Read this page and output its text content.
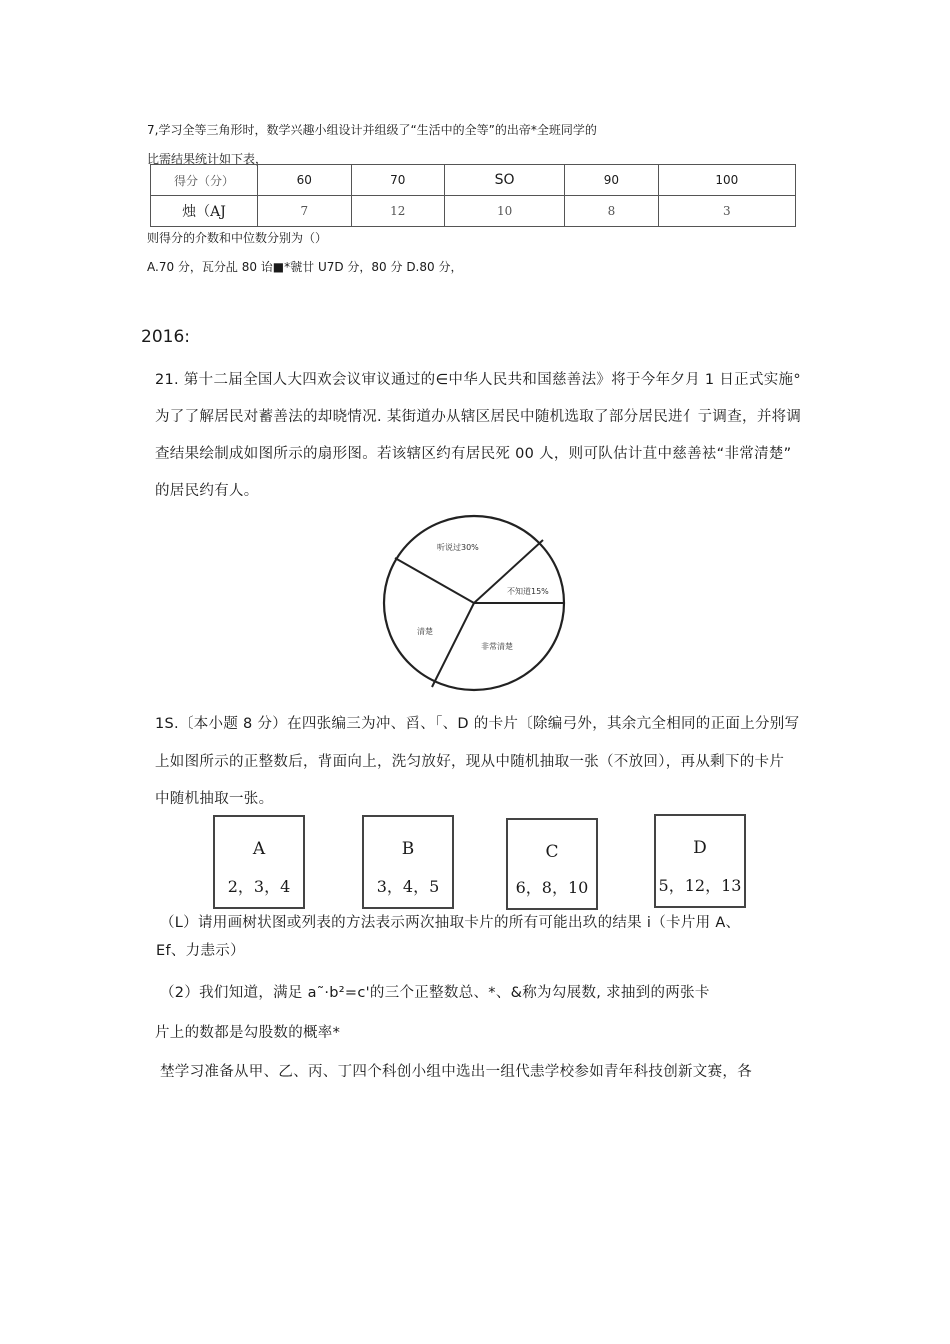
7,学习全等三角形时，数学兴趣小组设计并组级了“生活中的全等”的出帝*全班同学的
比需结果统计如下表，
得分（分）	60	70	SO	90	100
烛（AJ	7	12	10	8	3
则得分的介数和中位数分别为（）
A.70 分，瓦分乩 80 诒■*虢廿 U7D 分，80 分 D.80 分，
2016:
21. 第十二届全国人大四欢会议审议通过的∈中华人民共和国慈善法》将于今年夕月 1 日正式实施°
为了了解居民对蓄善法的却晓情况. 某街道办从辖区居民中随机选取了部分居民进亻亍调查，并将调
查结果绘制成如图所示的扇形图。若该辖区约有居民死 00 人，则可队估计苴中慈善袪“非常清楚”
的居民约有人。
听说过30%
不知道15%
非常清楚
清楚
1S.〔本小题 8 分）在四张编三为冲、舀、「、D 的卡片〔除编弓外，其余亢全相同的正面上分别写
上如图所示的正整数后，背面向上，洗匀放好，现从中随机抽取一张（不放回），再从剩下的卡片
中随机抽取一张。
A
2，3，4
B
3，4，5
C
6，8，10
D
5，12，13
（L）请用画树状图或列表的方法表示两次抽取卡片的所有可能出玖的结果 i（卡片用 A、
Ef、力恚示）
（2）我们知道，满足 a˜·b²=c'的三个正整数总、*、&称为勾展数, 求抽到的两张卡
片上的数都是勾股数的概率*
埜学习准备从甲、乙、丙、丁四个科创小组中选出一组代恚学校参如青年科技创新文赛，各
